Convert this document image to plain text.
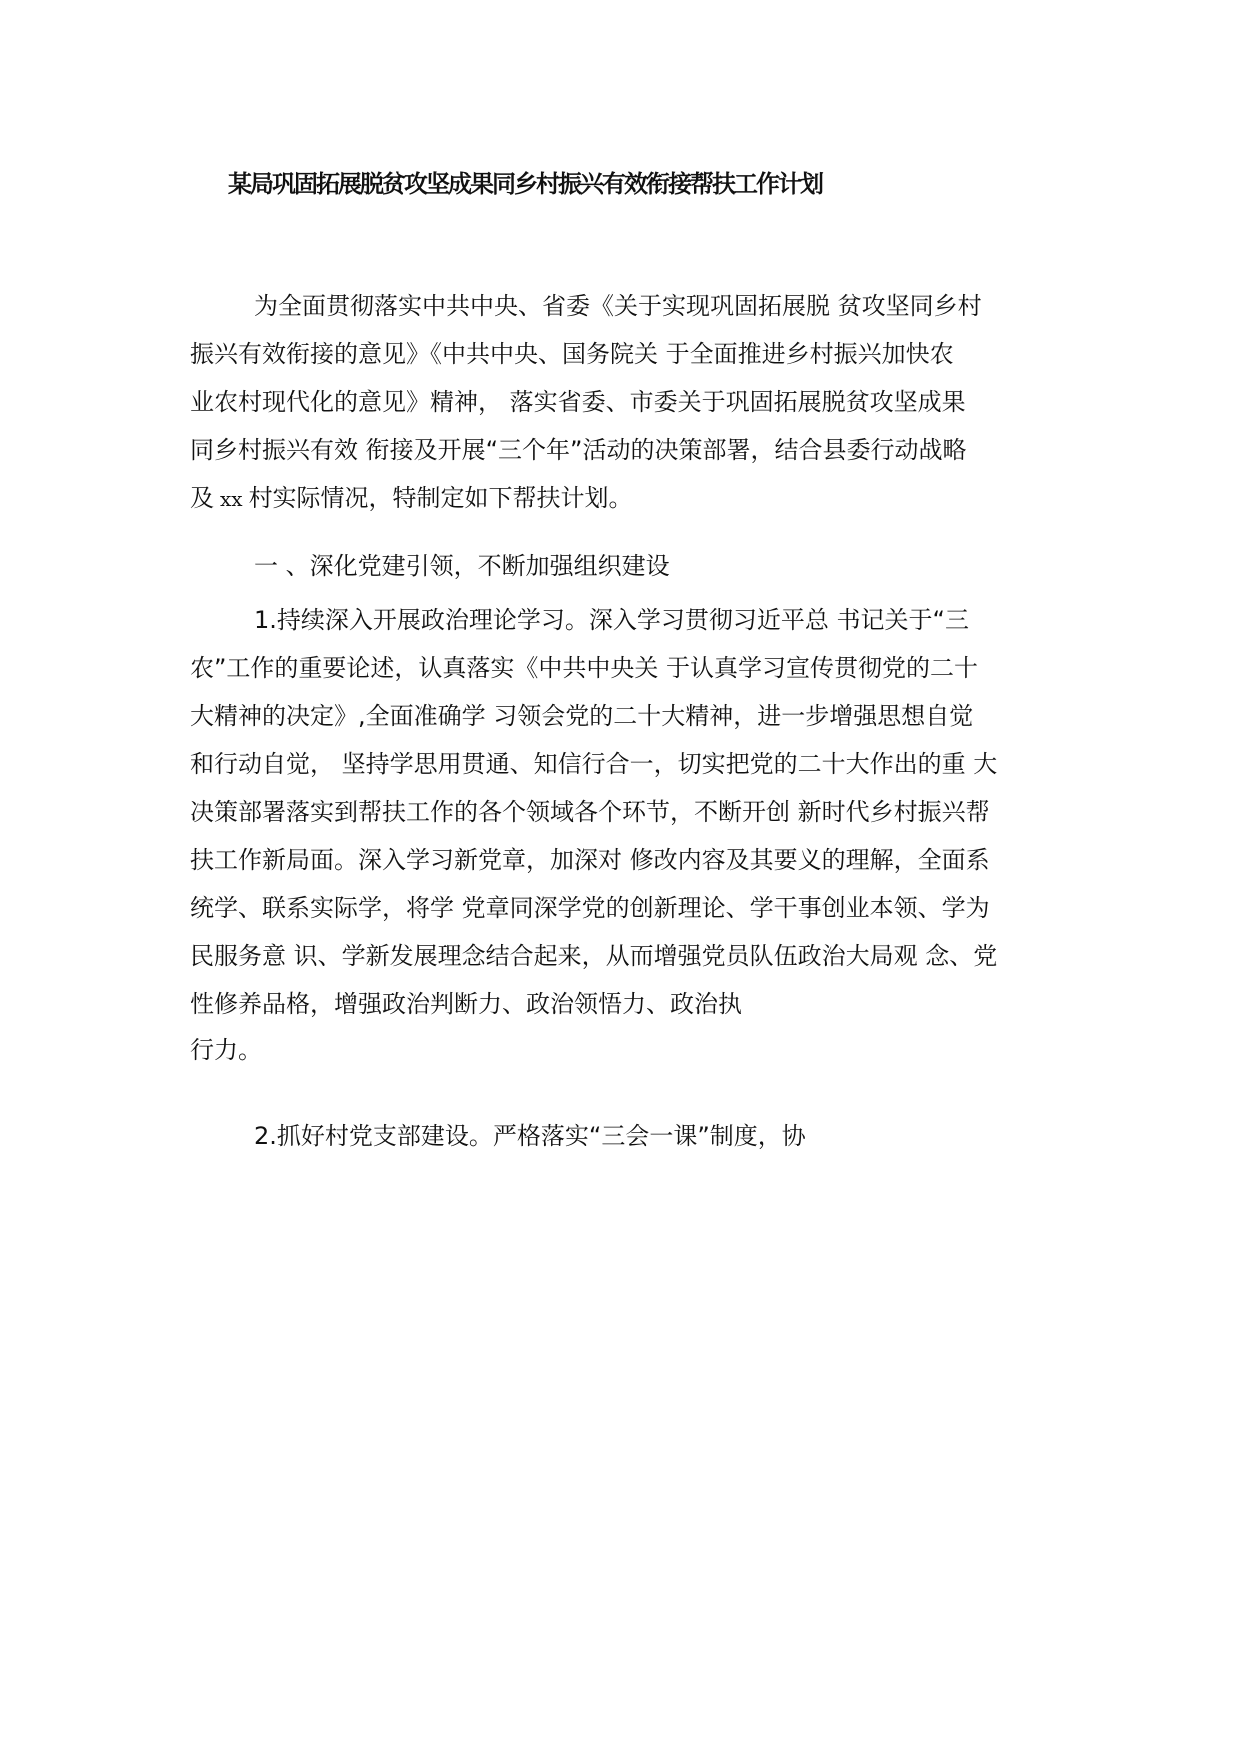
某局巩固拓展脱贫攻坚成果同乡村振兴有效衔接帮扶工作计划

为全面贯彻落实中共中央、省委《关于实现巩固拓展脱 贫攻坚同乡村
振兴有效衔接的意见》《中共中央、国务院关 于全面推进乡村振兴加快农
业农村现代化的意见》精神， 落实省委、市委关于巩固拓展脱贫攻坚成果
同乡村振兴有效 衔接及开展“三个年”活动的决策部署，结合县委行动战略
及 xx 村实际情况，特制定如下帮扶计划。

一 、深化党建引领，不断加强组织建设

1.持续深入开展政治理论学习。深入学习贯彻习近平总 书记关于“三
农”工作的重要论述，认真落实《中共中央关 于认真学习宣传贯彻党的二十
大精神的决定》,全面准确学 习领会党的二十大精神，进一步增强思想自觉
和行动自觉， 坚持学思用贯通、知信行合一，切实把党的二十大作出的重 大
决策部署落实到帮扶工作的各个领域各个环节，不断开创 新时代乡村振兴帮
扶工作新局面。深入学习新党章，加深对 修改内容及其要义的理解，全面系
统学、联系实际学，将学 党章同深学党的创新理论、学干事创业本领、学为
民服务意 识、学新发展理念结合起来，从而增强党员队伍政治大局观 念、党
性修养品格，增强政治判断力、政治领悟力、政治执
行力。

2.抓好村党支部建设。严格落实“三会一课”制度，协
